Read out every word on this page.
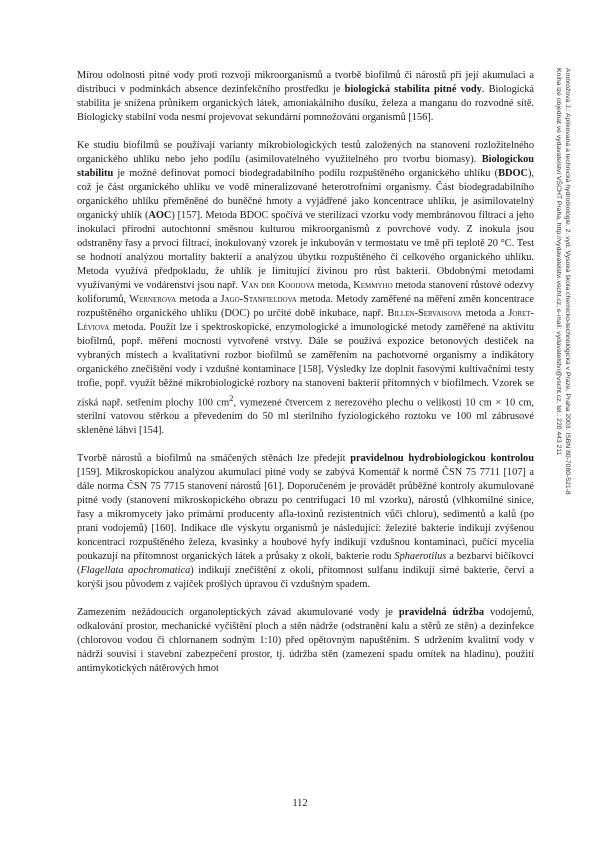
Mírou odolnosti pitné vody proti rozvoji mikroorganismů a tvorbě biofilmů či nárostů při její akumulaci a distribuci v podmínkách absence dezinfekčního prostředku je biologická stabilita pitné vody. Biologická stabilita je snížena průnikem organických látek, amoniakálního dusíku, železa a manganu do rozvodné sítě. Biologicky stabilní voda nesmí projevovat sekundární pomnožování organismů [156].

Ke studiu biofilmů se používají varianty mikrobiologických testů založených na stanovení rozložitelného organického uhlíku nebo jeho podílu (asimilovatelného využitelného pro tvorbu biomasy). Biologickou stabilitu je možné definovat pomocí biodegradabilního podílu rozpuštěného organického uhlíku (BDOC), což je část organického uhlíku ve vodě mineralizované heterotrofními organismy. Část biodegradabilního organického uhlíku přeměněné do buněčné hmoty a vyjádřené jako koncentrace uhlíku, je asimilovatelný organický uhlík (AOC) [157]. Metoda BDOC spočívá ve sterilizaci vzorku vody membránovou filtrací a jeho inokulaci přírodní autochtonní směsnou kulturou mikroorganismů z povrchové vody. Z inokula jsou odstraněny řasy a prvoci filtrací, inokulovaný vzorek je inkubován v termostatu ve tmě při teplotě 20 °C. Test se hodnotí analýzou mortality bakterií a analýzou úbytku rozpuštěného či celkového organického uhlíku. Metoda využívá předpokladu, že uhlík je limitující živinou pro růst bakterií. Obdobnými metodami využívanými ve vodárenství jsou např. Van der Kooijova metoda, Kemmyho metoda stanovení růstové odezvy koliforumů, Wernerova metoda a Jago-Stanfieldova metoda. Metody zaměřené na měření změn koncentrace rozpuštěného organického uhlíku (DOC) po určité době inkubace, např. Billen-Servaisova metoda a Joret-Léviova metoda. Použít lze i spektroskopické, enzymologické a imunologické metody zaměřené na aktivitu biofilmů, popř. měření mocnosti vytvořené vrstvy. Dále se používá expozice betonových destiček na vybraných místech a kvalitativní rozbor biofilmů se zaměřením na pachotvorné organismy a indikátory organického znečištění vody i vzdušné kontaminace [158]. Výsledky lze doplnit řasovými kultivačními testy trofie, popř. využít běžné mikrobiologické rozbory na stanovení bakterií přítomných v biofilmech. Vzorek se získá např. setřením plochy 100 $cm^2$, vymezené čtvercem z nerezového plechu o velikosti 10 cm × 10 cm, sterilní vatovou stěrkou a převedením do 50 ml sterilního fyziologického roztoku ve 100 ml zábrusové skleněné láhvi [154].

Tvorbě nárostů a biofilmů na smáčených stěnách lze předejít pravidelnou hydrobiologickou kontrolou [159]. Mikroskopickou analýzou akumulací pitné vody se zabývá Komentář k normě ČSN 75 7711 [107] a dále norma ČSN 75 7715 stanovení nárostů [61]. Doporučeném je provádět průběžné kontroly akumulované pitné vody (stanovení mikroskopického obrazu po centrifugaci 10 ml vzorku), nárostů (vlhkomilné sinice, řasy a mikromycety jako primární producenty afla-toxinů rezistentních vůči chloru), sedimentů a kalů (po praní vodojemů) [160]. Indikace dle výskytu organismů je následující: železité bakterie indikují zvýšenou koncentraci rozpuštěného železa, kvasinky a houbové hyfy indikují vzdušnou kontaminaci, pučící mycelia poukazují na přítomnost organických látek a průsaky z okolí, bakterie rodu Sphaerotilus a bezbarví bičíkovci (Flagellata apochromatica) indikují znečištění z okolí, přítomnost sulfanu indikují sirné bakterie, červi a korýši jsou původem z vajíček prošlých úpravou či vzdušným spadem.

Zamezením nežádoucích organoleptických závad akumulované vody je pravidelná údržba vodojemů, odkalování prostor, mechanické vyčištění ploch a stěn nádrže (odstranění kalu a stěrů ze stěn) a dezinfekce (chlorovou vodou či chlornanem sodným 1:10) před opětovným napuštěním. S udržením kvalitní vody v nádrži souvisí i stavební zabezpečení prostor, tj. údržba stěn (zamezení spadu omítek na hladinu), použití antimykotických nátěrových hmot

Ambrožová J.: Aplikovaná a technická hydrobiologie. 2. vyd. Vysoká škola chemicko-technologická v Praze, Praha 2003. ISBN 80-7080-521-8
Kniha lze objednat ve vydavatelství VŠCHT Praha, http://vydavatelstvi.vscht.cz, e-mail: vydavatelstvi@vscht.cz, tel.: 220 443 211
112
